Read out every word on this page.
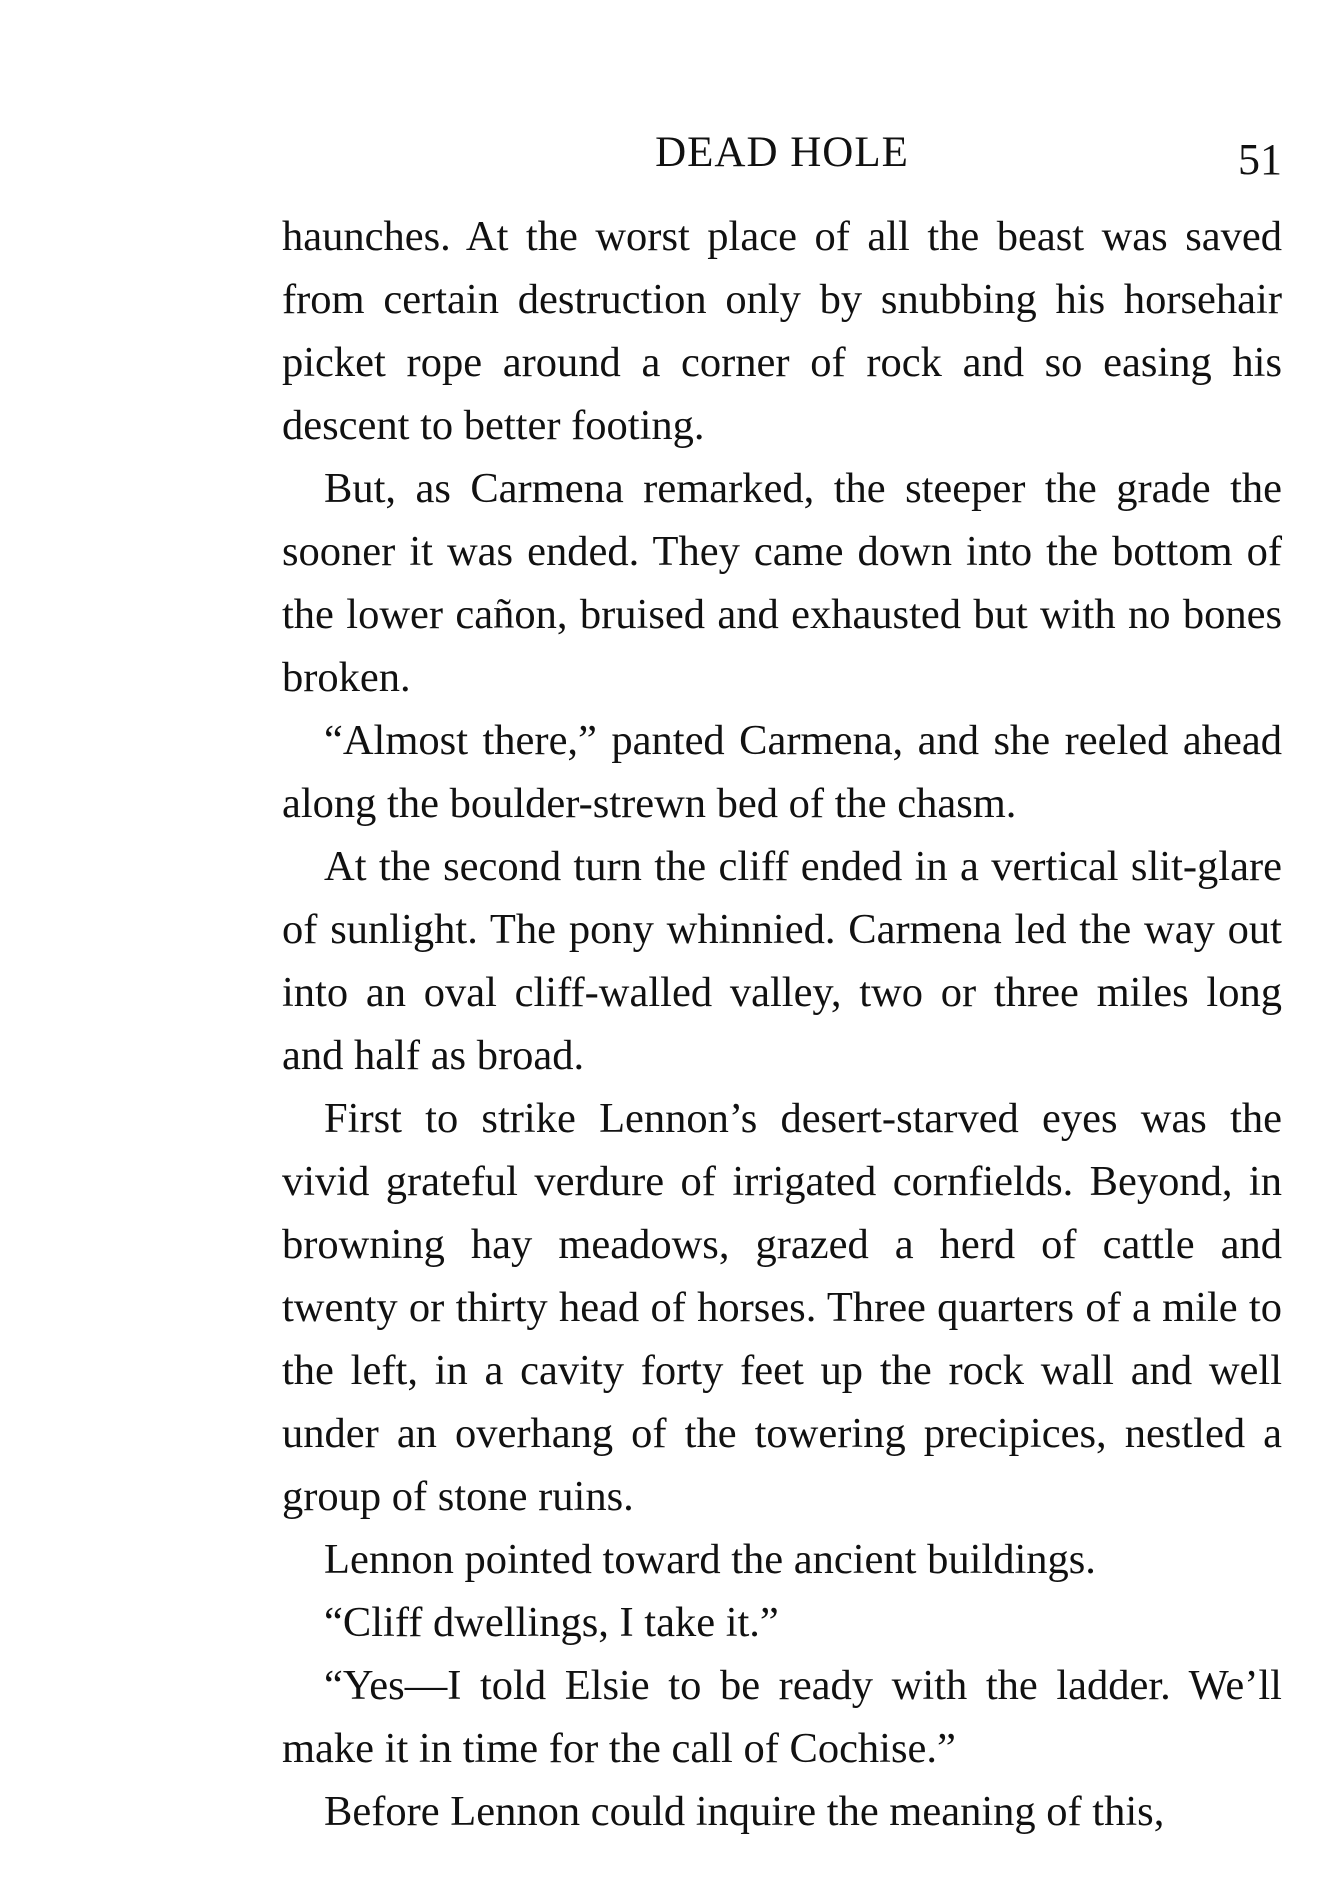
DEAD HOLE	51

haunches. At the worst place of all the beast was saved from certain destruction only by snubbing his horsehair picket rope around a corner of rock and so easing his descent to better footing.

But, as Carmena remarked, the steeper the grade the sooner it was ended. They came down into the bottom of the lower cañon, bruised and exhausted but with no bones broken.

“Almost there,” panted Carmena, and she reeled ahead along the boulder-strewn bed of the chasm.

At the second turn the cliff ended in a vertical slit-glare of sunlight. The pony whinnied. Carmena led the way out into an oval cliff-walled valley, two or three miles long and half as broad.

First to strike Lennon’s desert-starved eyes was the vivid grateful verdure of irrigated cornfields. Beyond, in browning hay meadows, grazed a herd of cattle and twenty or thirty head of horses. Three quarters of a mile to the left, in a cavity forty feet up the rock wall and well under an overhang of the towering precipices, nestled a group of stone ruins.

Lennon pointed toward the ancient buildings.

“Cliff dwellings, I take it.”

“Yes—I told Elsie to be ready with the ladder. We’ll make it in time for the call of Cochise.”

Before Lennon could inquire the meaning of this,
